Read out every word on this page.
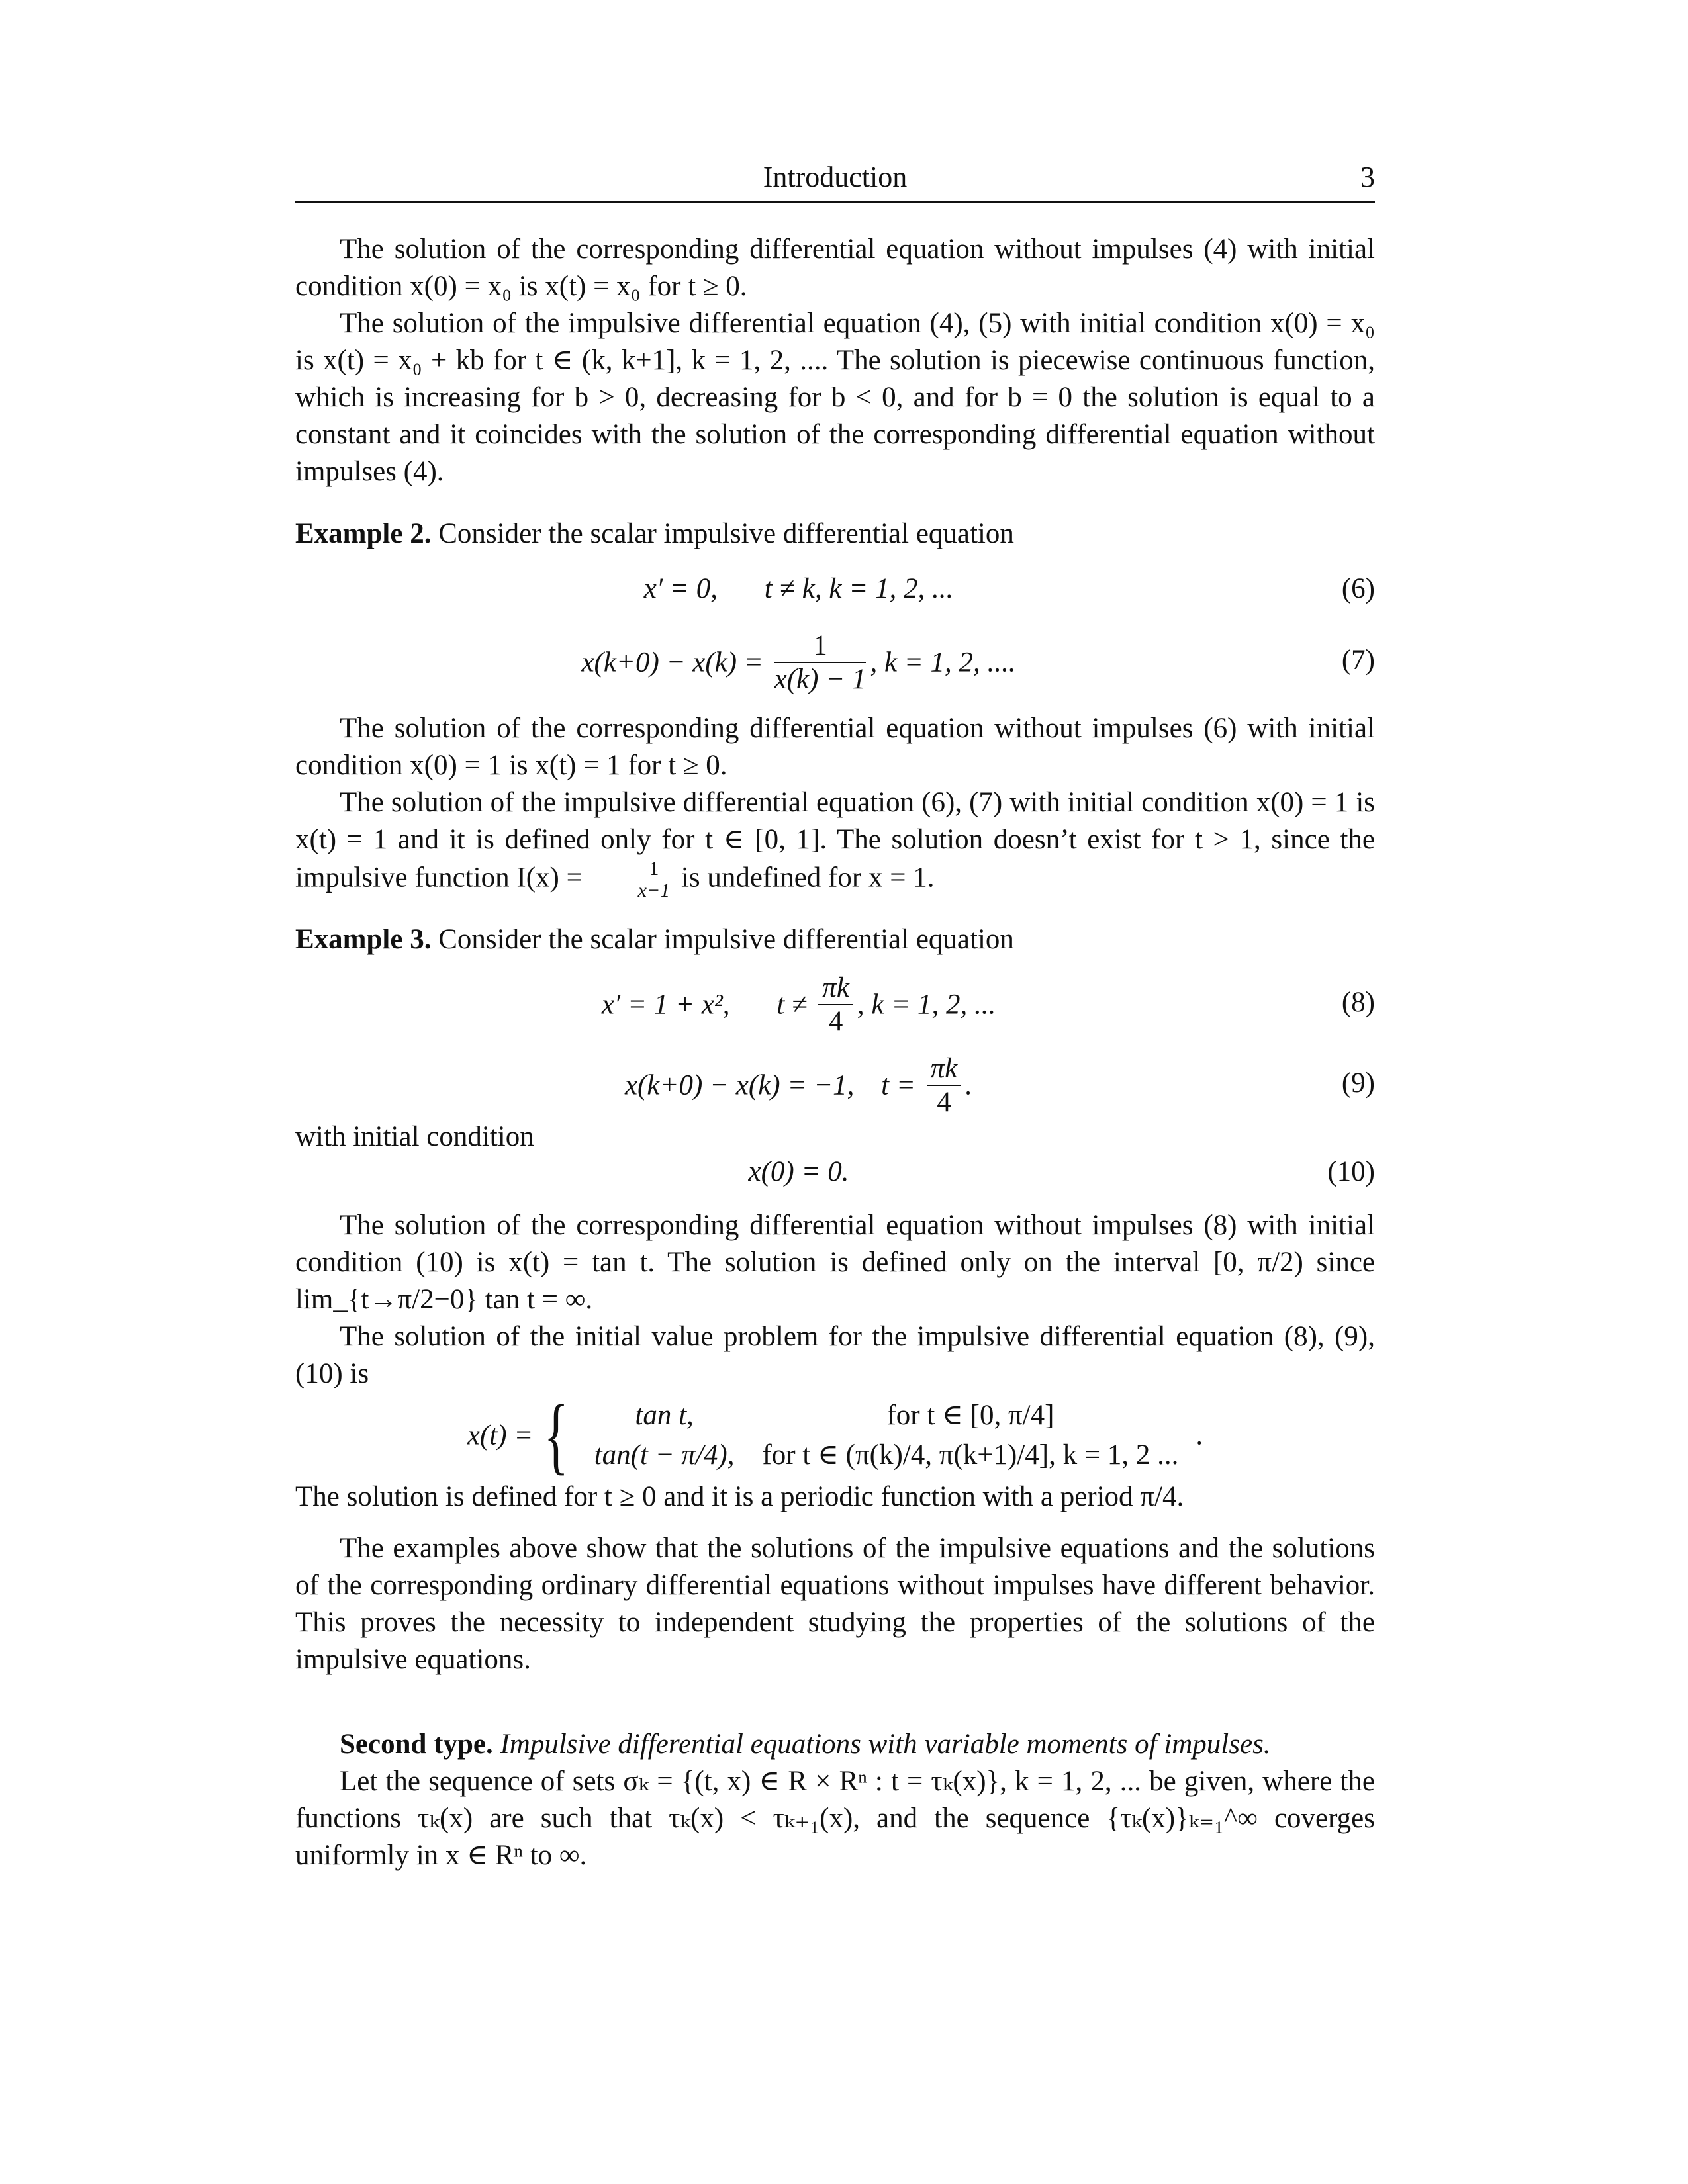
Introduction	3

The solution of the corresponding differential equation without impulses (4) with initial condition x(0) = x₀ is x(t) = x₀ for t ≥ 0.

The solution of the impulsive differential equation (4), (5) with initial condition x(0) = x₀ is x(t) = x₀ + kb for t ∈ (k, k+1], k = 1, 2, .... The solution is piecewise continuous function, which is increasing for b > 0, decreasing for b < 0, and for b = 0 the solution is equal to a constant and it coincides with the solution of the corresponding differential equation without impulses (4).

Example 2. Consider the scalar impulsive differential equation

x′ = 0, t ≠ k, k = 1, 2, ...	(6)
$x(k+0) - x(k) = \frac{1}{x(k) - 1}$ , k = 1, 2, ....	(7)

The solution of the corresponding differential equation without impulses (6) with initial condition x(0) = 1 is x(t) = 1 for t ≥ 0.

The solution of the impulsive differential equation (6), (7) with initial condition x(0) = 1 is x(t) = 1 and it is defined only for t ∈ [0, 1]. The solution doesn’t exist for t > 1, since the impulsive function $I(x) = \frac{1}{x-1}$ is undefined for x = 1.

Example 3. Consider the scalar impulsive differential equation

x′ = 1 + x², $t \ne \frac{\pi k}{4}$ , k = 1, 2, ...	(8)
x(k+0) − x(k) = −1, $t = \frac{\pi k}{4}$ .	(9)

with initial condition

x(0) = 0.	(10)

The solution of the corresponding differential equation without impulses (8) with initial condition (10) is x(t) = tan t. The solution is defined only on the interval [0, π/2) since lim_{t→π/2−0} tan t = ∞.

The solution of the initial value problem for the impulsive differential equation (8), (9), (10) is

x(t) = { tan t,	for t ∈ [0, π/4]
tan(t − π/4),	for t ∈ (π(k)/4, π(k+1)/4], k = 1, 2 ... .

The solution is defined for t ≥ 0 and it is a periodic function with a period π/4.

The examples above show that the solutions of the impulsive equations and the solutions of the corresponding ordinary differential equations without impulses have different behavior. This proves the necessity to independent studying the properties of the solutions of the impulsive equations.

Second type. Impulsive differential equations with variable moments of impulses.

Let the sequence of sets σₖ = {(t, x) ∈ R × Rⁿ : t = τₖ(x)}, k = 1, 2, ... be given, where the functions τₖ(x) are such that τₖ(x) < τₖ₊₁(x), and the sequence {τₖ(x)}ₖ₌₁^∞ coverges uniformly in x ∈ Rⁿ to ∞.
